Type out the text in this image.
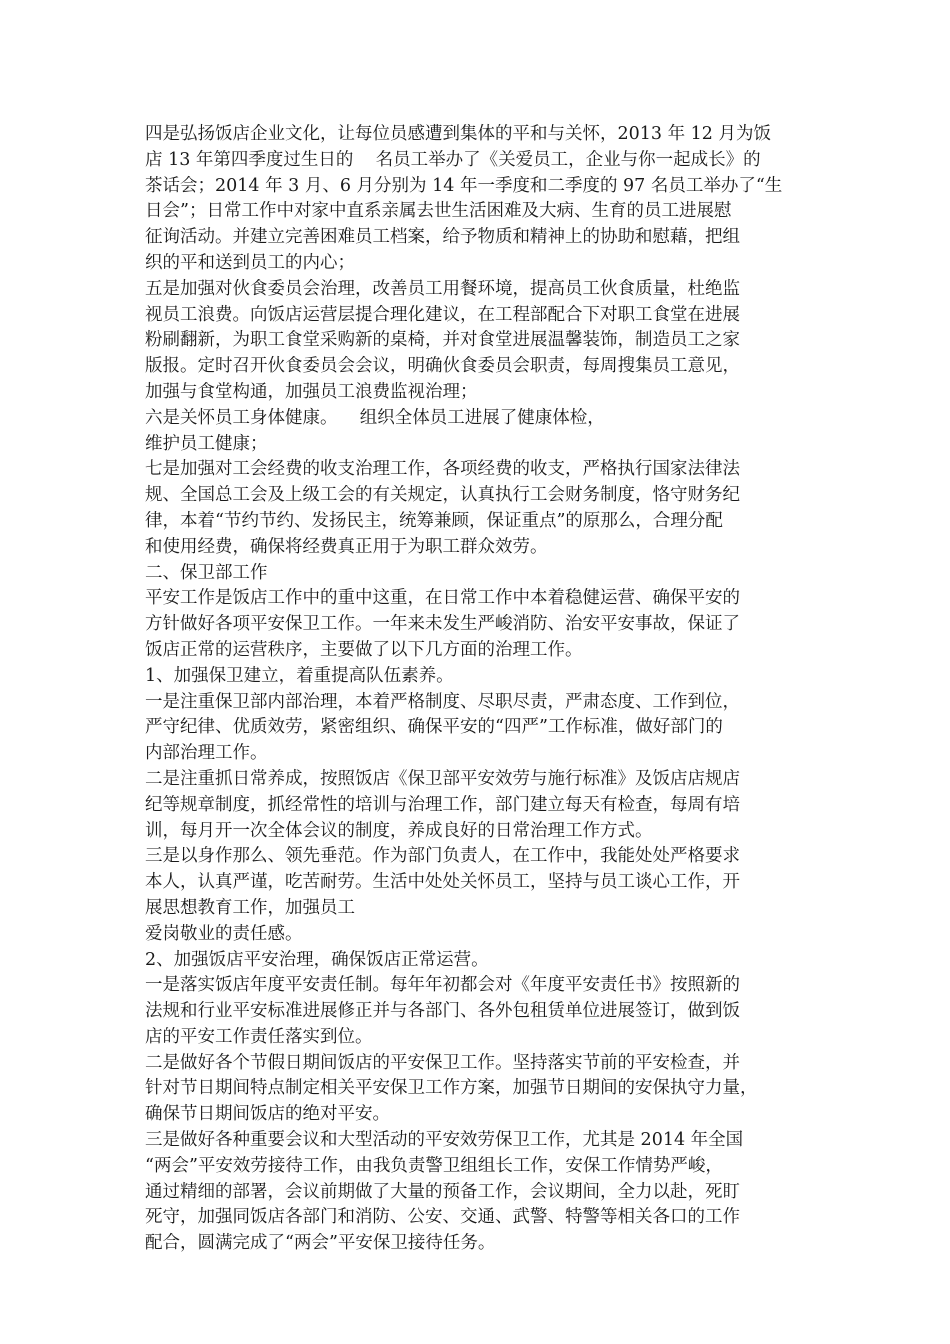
四是弘扬饭店企业文化，让每位员感遭到集体的平和与关怀，2013 年 12 月为饭
店 13 年第四季度过生日的    名员工举办了《关爱员工，企业与你一起成长》的
茶话会；2014 年 3 月、6 月分别为 14 年一季度和二季度的 97 名员工举办了“生
日会”；日常工作中对家中直系亲属去世生活困难及大病、生育的员工进展慰
征询活动。并建立完善困难员工档案，给予物质和精神上的协助和慰藉，把组
织的平和送到员工的内心；
五是加强对伙食委员会治理，改善员工用餐环境，提高员工伙食质量，杜绝监
视员工浪费。向饭店运营层提合理化建议，在工程部配合下对职工食堂在进展
粉刷翻新，为职工食堂采购新的桌椅，并对食堂进展温馨装饰，制造员工之家
版报。定时召开伙食委员会会议，明确伙食委员会职责，每周搜集员工意见，
加强与食堂构通，加强员工浪费监视治理；
六是关怀员工身体健康。    组织全体员工进展了健康体检，
维护员工健康；
七是加强对工会经费的收支治理工作，各项经费的收支，严格执行国家法律法
规、全国总工会及上级工会的有关规定，认真执行工会财务制度，恪守财务纪
律，本着“节约节约、发扬民主，统筹兼顾，保证重点”的原那么，合理分配
和使用经费，确保将经费真正用于为职工群众效劳。
二、保卫部工作
平安工作是饭店工作中的重中这重，在日常工作中本着稳健运营、确保平安的
方针做好各项平安保卫工作。一年来未发生严峻消防、治安平安事故，保证了
饭店正常的运营秩序，主要做了以下几方面的治理工作。
1、加强保卫建立，着重提高队伍素养。
一是注重保卫部内部治理，本着严格制度、尽职尽责，严肃态度、工作到位，
严守纪律、优质效劳，紧密组织、确保平安的“四严”工作标准，做好部门的
内部治理工作。
二是注重抓日常养成，按照饭店《保卫部平安效劳与施行标准》及饭店店规店
纪等规章制度，抓经常性的培训与治理工作，部门建立每天有检查，每周有培
训，每月开一次全体会议的制度，养成良好的日常治理工作方式。
三是以身作那么、领先垂范。作为部门负责人，在工作中，我能处处严格要求
本人，认真严谨，吃苦耐劳。生活中处处关怀员工，坚持与员工谈心工作，开
展思想教育工作，加强员工
爱岗敬业的责任感。
2、加强饭店平安治理，确保饭店正常运营。
一是落实饭店年度平安责任制。每年年初都会对《年度平安责任书》按照新的
法规和行业平安标准进展修正并与各部门、各外包租赁单位进展签订，做到饭
店的平安工作责任落实到位。
二是做好各个节假日期间饭店的平安保卫工作。坚持落实节前的平安检查，并
针对节日期间特点制定相关平安保卫工作方案，加强节日期间的安保执守力量，
确保节日期间饭店的绝对平安。
三是做好各种重要会议和大型活动的平安效劳保卫工作，尤其是 2014 年全国
“两会”平安效劳接待工作，由我负责警卫组组长工作，安保工作情势严峻，
通过精细的部署，会议前期做了大量的预备工作，会议期间，全力以赴，死盯
死守，加强同饭店各部门和消防、公安、交通、武警、特警等相关各口的工作
配合，圆满完成了“两会”平安保卫接待任务。
